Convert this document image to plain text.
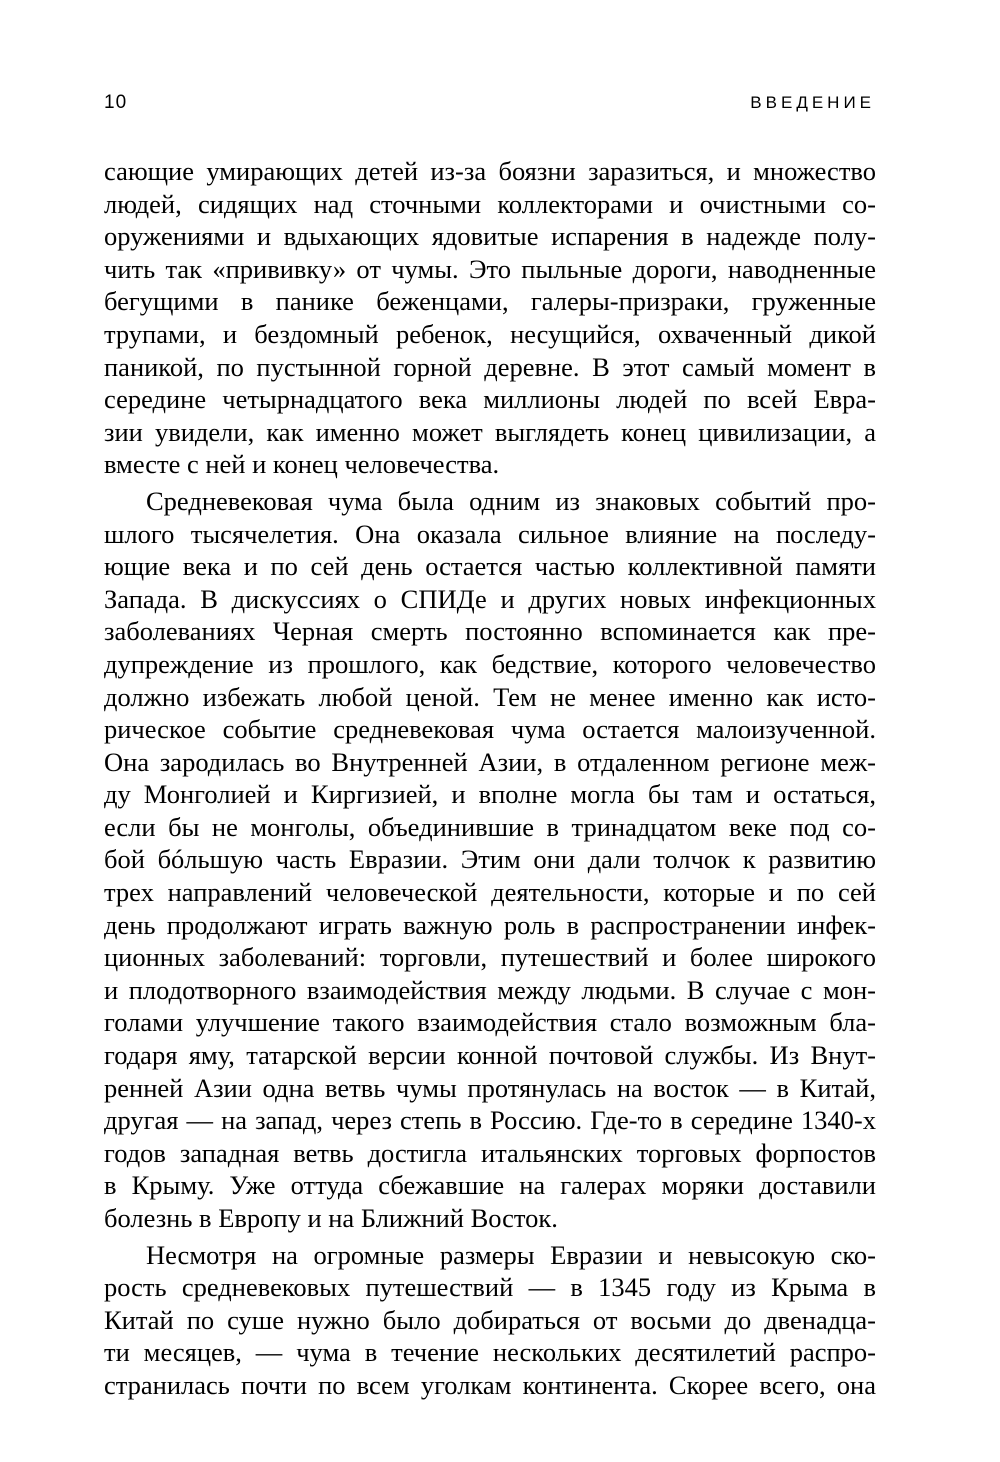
10	ВВЕДЕНИЕ
сающие умирающих детей из-за боязни заразиться, и множество
людей, сидящих над сточными коллекторами и очистными со-
оружениями и вдыхающих ядовитые испарения в надежде полу-
чить так «прививку» от чумы. Это пыльные дороги, наводненные
бегущими в панике беженцами, галеры-призраки, груженные
трупами, и бездомный ребенок, несущийся, охваченный дикой
паникой, по пустынной горной деревне. В этот самый момент в
середине четырнадцатого века миллионы людей по всей Евра-
зии увидели, как именно может выглядеть конец цивилизации, а
вместе с ней и конец человечества.
Средневековая чума была одним из знаковых событий про-
шлого тысячелетия. Она оказала сильное влияние на последу-
ющие века и по сей день остается частью коллективной памяти
Запада. В дискуссиях о СПИДе и других новых инфекционных
заболеваниях Черная смерть постоянно вспоминается как пре-
дупреждение из прошлого, как бедствие, которого человечество
должно избежать любой ценой. Тем не менее именно как исто-
рическое событие средневековая чума остается малоизученной.
Она зародилась во Внутренней Азии, в отдаленном регионе меж-
ду Монголией и Киргизией, и вполне могла бы там и остаться,
если бы не монголы, объединившие в тринадцатом веке под со-
бой бóльшую часть Евразии. Этим они дали толчок к развитию
трех направлений человеческой деятельности, которые и по сей
день продолжают играть важную роль в распространении инфек-
ционных заболеваний: торговли, путешествий и более широкого
и плодотворного взаимодействия между людьми. В случае с мон-
голами улучшение такого взаимодействия стало возможным бла-
годаря яму, татарской версии конной почтовой службы. Из Внут-
ренней Азии одна ветвь чумы протянулась на восток — в Китай,
другая — на запад, через степь в Россию. Где-то в середине 1340-х
годов западная ветвь достигла итальянских торговых форпостов
в Крыму. Уже оттуда сбежавшие на галерах моряки доставили
болезнь в Европу и на Ближний Восток.
Несмотря на огромные размеры Евразии и невысокую ско-
рость средневековых путешествий — в 1345 году из Крыма в
Китай по суше нужно было добираться от восьми до двенадца-
ти месяцев, — чума в течение нескольких десятилетий распро-
странилась почти по всем уголкам континента. Скорее всего, она
